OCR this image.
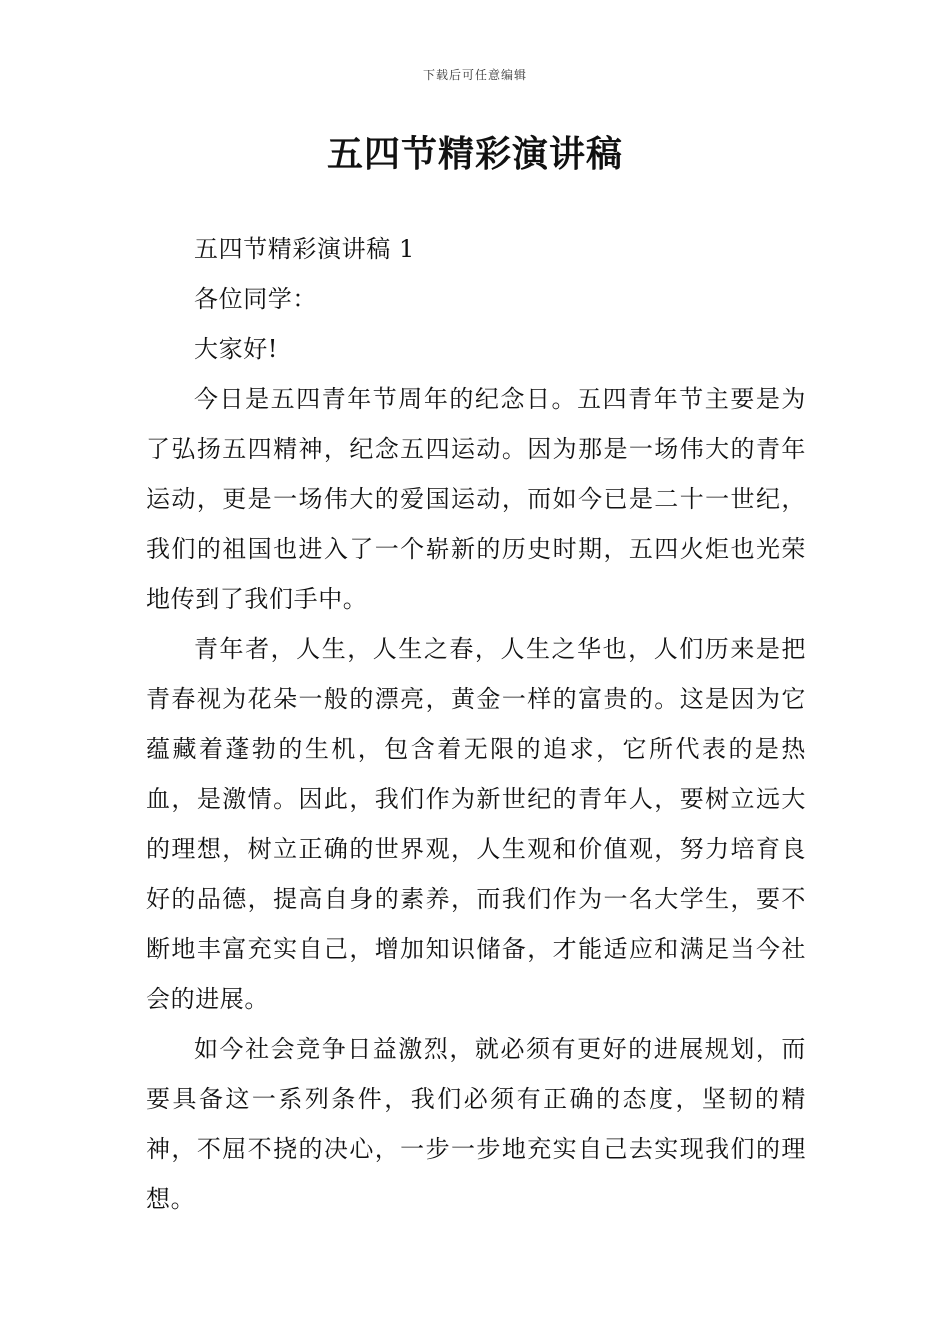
下载后可任意编辑
五四节精彩演讲稿

五四节精彩演讲稿 1

各位同学：

大家好!

今日是五四青年节周年的纪念日。五四青年节主要是为了弘扬五四精神，纪念五四运动。因为那是一场伟大的青年运动，更是一场伟大的爱国运动，而如今已是二十一世纪，我们的祖国也进入了一个崭新的历史时期，五四火炬也光荣地传到了我们手中。

青年者，人生，人生之春，人生之华也，人们历来是把青春视为花朵一般的漂亮，黄金一样的富贵的。这是因为它蕴藏着蓬勃的生机，包含着无限的追求，它所代表的是热血，是激情。因此，我们作为新世纪的青年人，要树立远大的理想，树立正确的世界观，人生观和价值观，努力培育良好的品德，提高自身的素养，而我们作为一名大学生，要不断地丰富充实自己，增加知识储备，才能适应和满足当今社会的进展。

如今社会竞争日益激烈，就必须有更好的进展规划，而要具备这一系列条件，我们必须有正确的态度，坚韧的精神，不屈不挠的决心，一步一步地充实自己去实现我们的理想。
